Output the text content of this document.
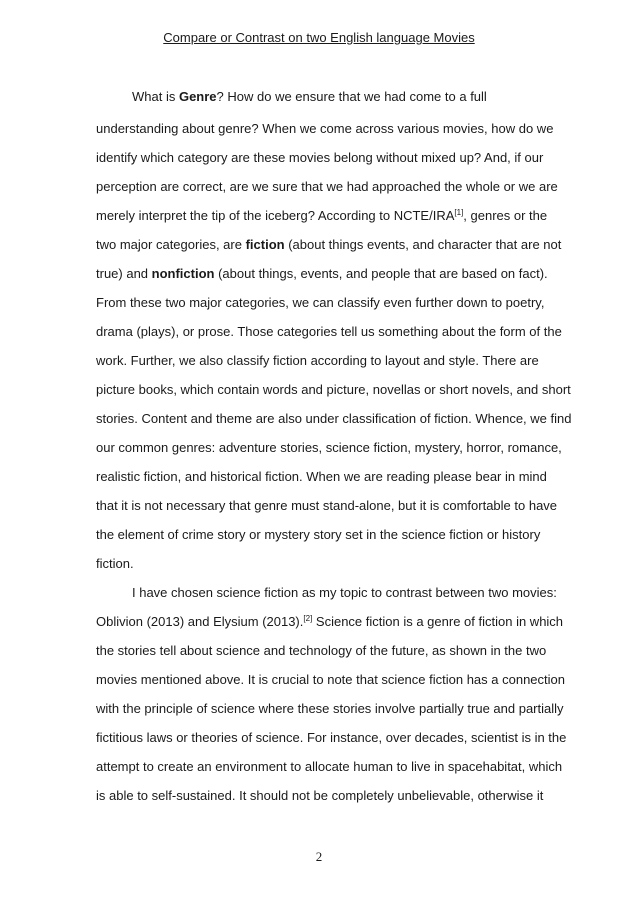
Compare or Contrast on two English language Movies
What is Genre? How do we ensure that we had come to a full
understanding about genre? When we come across various movies, how do we
identify which category are these movies belong without mixed up? And, if our
perception are correct, are we sure that we had approached the whole or we are
merely interpret the tip of the iceberg? According to NCTE/IRA[1], genres or the
two major categories, are fiction (about things events, and character that are not
true) and nonfiction (about things, events, and people that are based on fact).
From these two major categories, we can classify even further down to poetry,
drama (plays), or prose. Those categories tell us something about the form of the
work. Further, we also classify fiction according to layout and style. There are
picture books, which contain words and picture, novellas or short novels, and short
stories. Content and theme are also under classification of fiction. Whence, we find
our common genres: adventure stories, science fiction, mystery, horror, romance,
realistic fiction, and historical fiction. When we are reading please bear in mind
that it is not necessary that genre must stand-alone, but it is comfortable to have
the element of crime story or mystery story set in the science fiction or history
fiction.
I have chosen science fiction as my topic to contrast between two movies:
Oblivion (2013) and Elysium (2013).[2] Science fiction is a genre of fiction in which
the stories tell about science and technology of the future, as shown in the two
movies mentioned above. It is crucial to note that science fiction has a connection
with the principle of science where these stories involve partially true and partially
fictitious laws or theories of science. For instance, over decades, scientist is in the
attempt to create an environment to allocate human to live in spacehabitat, which
is able to self-sustained. It should not be completely unbelievable, otherwise it
2
